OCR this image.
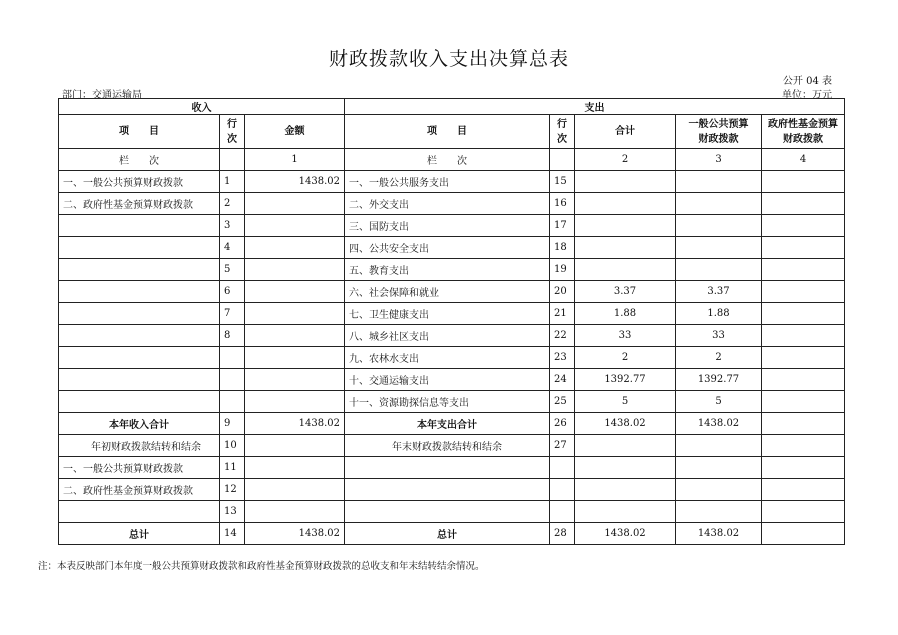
财政拨款收入支出决算总表
公开 04 表
部门：交通运输局	单位：万元
收入			支出				
项　　目	行次	金额	项　　目	行次	合计	一般公共预算财政拨款	政府性基金预算财政拨款
栏　　次		1	栏　　次		2	3	4
一、一般公共预算财政拨款	1	1438.02	一、一般公共服务支出	15			
二、政府性基金预算财政拨款	2		二、外交支出	16			
	3		三、国防支出	17			
	4		四、公共安全支出	18			
	5		五、教育支出	19			
	6		六、社会保障和就业	20	3.37	3.37	
	7		七、卫生健康支出	21	1.88	1.88	
	8		八、城乡社区支出	22	33	33	
			九、农林水支出	23	2	2	
			十、交通运输支出	24	1392.77	1392.77	
			十一、资源勘探信息等支出	25	5	5	
本年收入合计	9	1438.02	本年支出合计	26	1438.02	1438.02	
年初财政拨款结转和结余	10		年末财政拨款结转和结余	27			
一、一般公共预算财政拨款	11						
二、政府性基金预算财政拨款	12						
	13						
总计	14	1438.02	总计	28	1438.02	1438.02	
注：本表反映部门本年度一般公共预算财政拨款和政府性基金预算财政拨款的总收支和年末结转结余情况。
